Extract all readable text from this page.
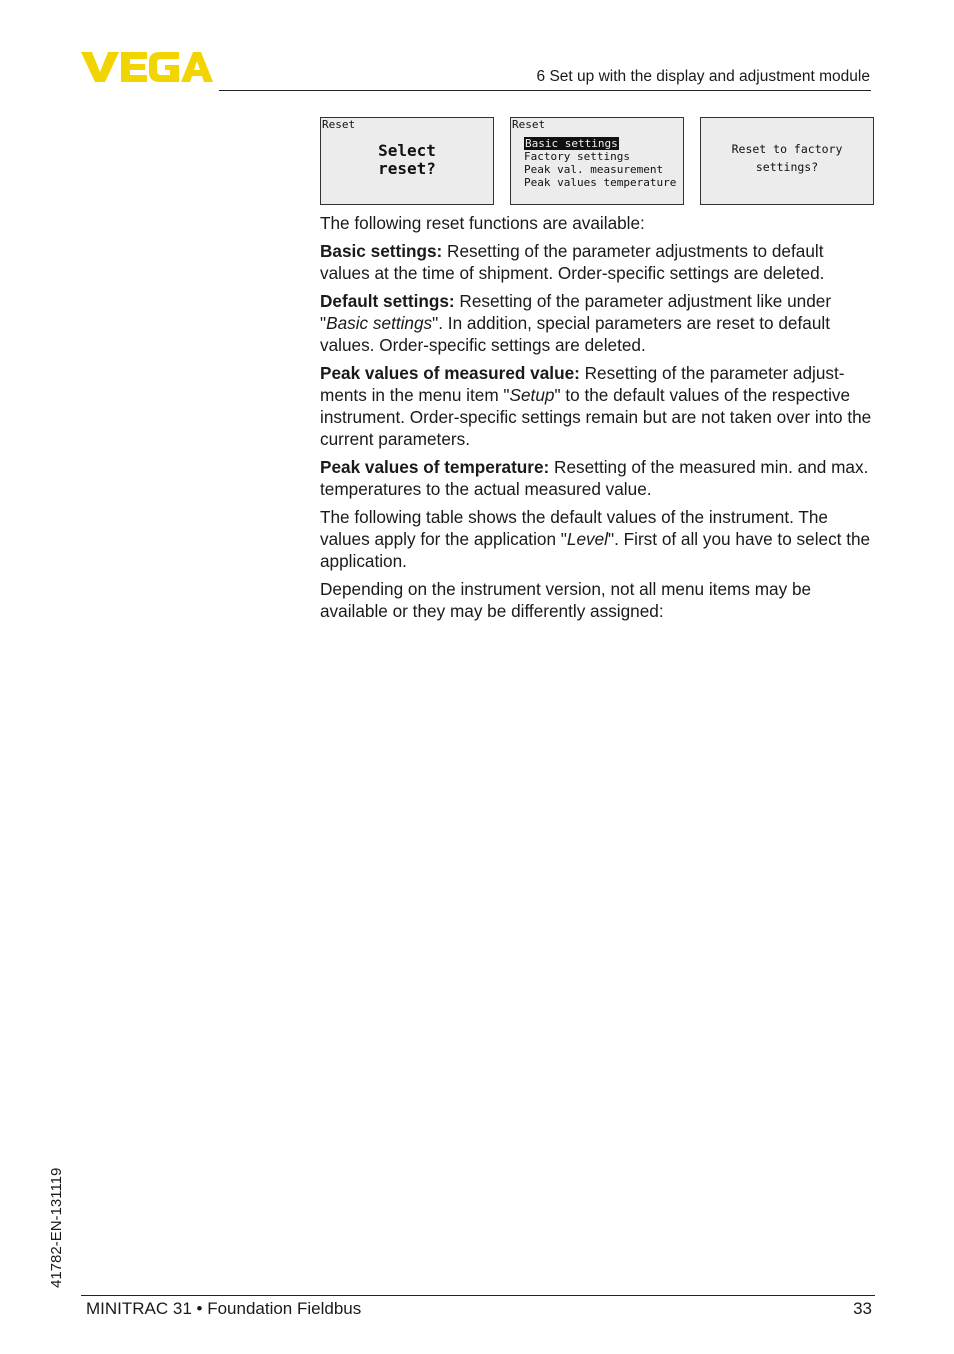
6 Set up with the display and adjustment module
Reset
Select
reset?
Reset
Basic settings
Factory settings
Peak val. measurement
Peak values temperature
Reset to factory
settings?

The following reset functions are available:

Basic settings: Resetting of the parameter adjustments to default values at the time of shipment. Order-specific settings are deleted.

Default settings: Resetting of the parameter adjustment like under "Basic settings". In addition, special parameters are reset to default values. Order-specific settings are deleted.

Peak values of measured value: Resetting of the parameter adjust-ments in the menu item "Setup" to the default values of the respective instrument. Order-specific settings remain but are not taken over into the current parameters.

Peak values of temperature: Resetting of the measured min. and max. temperatures to the actual measured value.

The following table shows the default values of the instrument. The values apply for the application "Level". First of all you have to select the application.

Depending on the instrument version, not all menu items may be available or they may be differently assigned:

41782-EN-131119
MINITRAC 31 • Foundation Fieldbus	33
